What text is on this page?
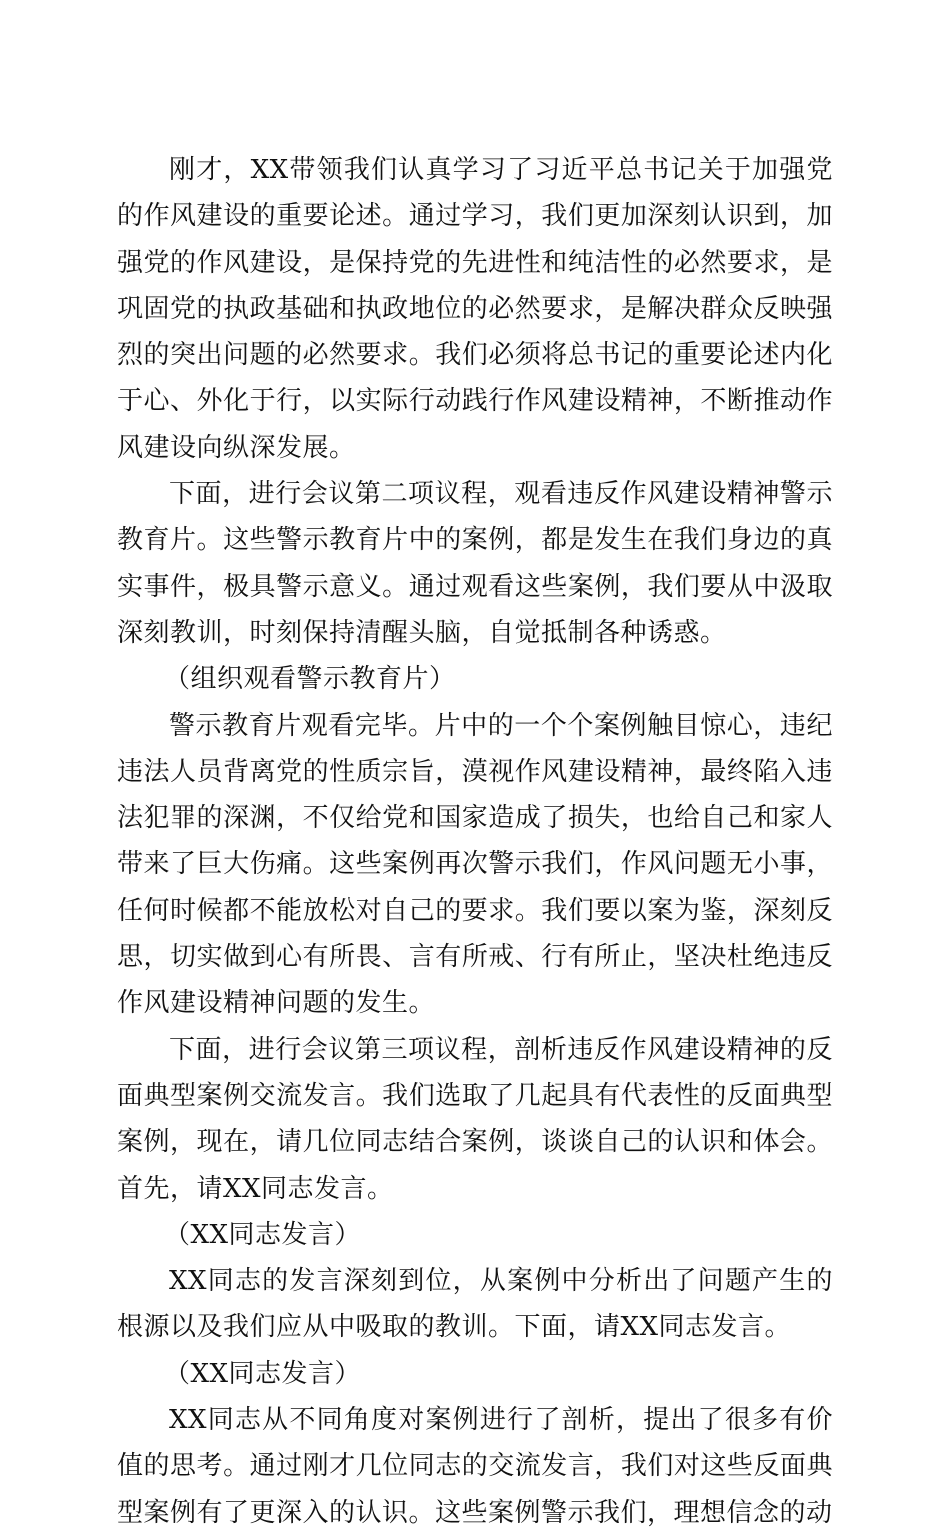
刚才，XX带领我们认真学习了习近平总书记关于加强党的作风建设的重要论述。通过学习，我们更加深刻认识到，加强党的作风建设，是保持党的先进性和纯洁性的必然要求，是巩固党的执政基础和执政地位的必然要求，是解决群众反映强烈的突出问题的必然要求。我们必须将总书记的重要论述内化于心、外化于行，以实际行动践行作风建设精神，不断推动作风建设向纵深发展。

下面，进行会议第二项议程，观看违反作风建设精神警示教育片。这些警示教育片中的案例，都是发生在我们身边的真实事件，极具警示意义。通过观看这些案例，我们要从中汲取深刻教训，时刻保持清醒头脑，自觉抵制各种诱惑。

（组织观看警示教育片）

警示教育片观看完毕。片中的一个个案例触目惊心，违纪违法人员背离党的性质宗旨，漠视作风建设精神，最终陷入违法犯罪的深渊，不仅给党和国家造成了损失，也给自己和家人带来了巨大伤痛。这些案例再次警示我们，作风问题无小事，任何时候都不能放松对自己的要求。我们要以案为鉴，深刻反思，切实做到心有所畏、言有所戒、行有所止，坚决杜绝违反作风建设精神问题的发生。

下面，进行会议第三项议程，剖析违反作风建设精神的反面典型案例交流发言。我们选取了几起具有代表性的反面典型案例，现在，请几位同志结合案例，谈谈自己的认识和体会。首先，请XX同志发言。

（XX同志发言）

XX同志的发言深刻到位，从案例中分析出了问题产生的根源以及我们应从中吸取的教训。下面，请XX同志发言。

（XX同志发言）

XX同志从不同角度对案例进行了剖析，提出了很多有价值的思考。通过刚才几位同志的交流发言，我们对这些反面典型案例有了更深入的认识。这些案例警示我们，理想信念的动
